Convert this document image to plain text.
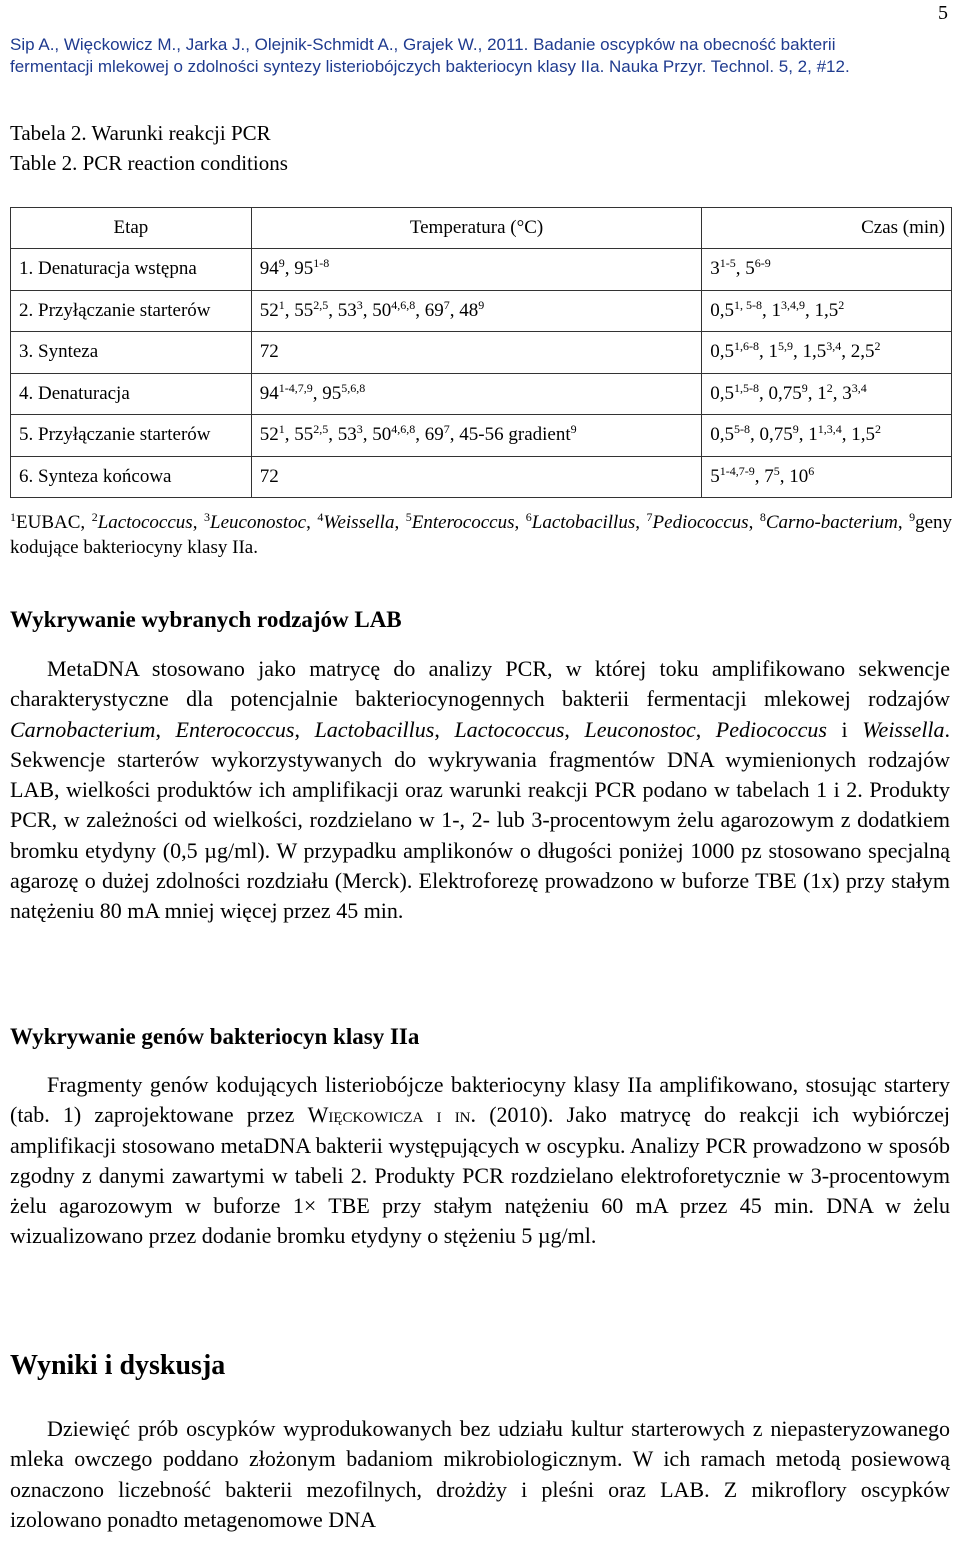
5
Sip A., Więckowicz M., Jarka J., Olejnik-Schmidt A., Grajek W., 2011. Badanie oscypków na obecność bakterii
fermentacji mlekowej o zdolności syntezy listeriobójczych bakteriocyn klasy IIa. Nauka Przyr. Technol. 5, 2, #12.
Tabela 2. Warunki reakcji PCR
Table 2. PCR reaction conditions
Etap	Temperatura (°C)	Czas (min)
1. Denaturacja wstępna	$94^9$, 95$^{1-8}$	3$^{1-5}$, 5$^{6-9}$
2. Przyłączanie starterów	$52^1$, 55$^{2,5}$, $53^3$, 50$^{4,6,8}$, $69^7$, $48^9$	0,5$^{1, 5-8}$, 1$^{3,4,9}$, $1,5^2$
3. Synteza	72	0,5$^{1,6-8}$, 1$^{5,9}$, 1,5$^{3,4}$, $2,5^2$
4. Denaturacja	94$^{1-4,7,9}$, 95$^{5,6,8}$	0,5$^{1,5-8}$, 0,75$^9$, $1^2$, 3$^{3,4}$
5. Przyłączanie starterów	$52^1$, 55$^{2,5}$, $53^3$, 50$^{4,6,8}$, $69^7$, 45-56 gradient$^9$	0,5$^{5-8}$, 0,75$^9$, 1$^{1,3,4}$, $1,5^2$
6. Synteza końcowa	72	5$^{1-4,7-9}$, $7^5$, $10^6$
$^1$EUBAC, $^2$Lactococcus, $^3$Leuconostoc, $^4$Weissella, $^5$Enterococcus, $^6$Lactobacillus, $^7$Pediococcus, $^8$Carno-bacterium, $^9$geny kodujące bakteriocyny klasy IIa.
Wykrywanie wybranych rodzajów LAB
MetaDNA stosowano jako matrycę do analizy PCR, w której toku amplifikowano sekwencje charakterystyczne dla potencjalnie bakteriocynogennych bakterii fermentacji mlekowej rodzajów Carnobacterium, Enterococcus, Lactobacillus, Lactococcus, Leuconostoc, Pediococcus i Weissella. Sekwencje starterów wykorzystywanych do wykrywania fragmentów DNA wymienionych rodzajów LAB, wielkości produktów ich amplifikacji oraz warunki reakcji PCR podano w tabelach 1 i 2. Produkty PCR, w zależności od wielkości, rozdzielano w 1-, 2- lub 3-procentowym żelu agarozowym z dodatkiem bromku etydyny (0,5 µg/ml). W przypadku amplikonów o długości poniżej 1000 pz stosowano specjalną agarozę o dużej zdolności rozdziału (Merck). Elektroforezę prowadzono w buforze TBE (1x) przy stałym natężeniu 80 mA mniej więcej przez 45 min.
Wykrywanie genów bakteriocyn klasy IIa
Fragmenty genów kodujących listeriobójcze bakteriocyny klasy IIa amplifikowano, stosując startery (tab. 1) zaprojektowane przez Więckowicza i in. (2010). Jako matrycę do reakcji ich wybiórczej amplifikacji stosowano metaDNA bakterii występujących w oscypku. Analizy PCR prowadzono w sposób zgodny z danymi zawartymi w tabeli 2. Produkty PCR rozdzielano elektroforetycznie w 3-procentowym żelu agarozowym w buforze 1× TBE przy stałym natężeniu 60 mA przez 45 min. DNA w żelu wizualizowano przez dodanie bromku etydyny o stężeniu 5 µg/ml.
Wyniki i dyskusja
Dziewięć prób oscypków wyprodukowanych bez udziału kultur starterowych z niepasteryzowanego mleka owczego poddano złożonym badaniom mikrobiologicznym. W ich ramach metodą posiewową oznaczono liczebność bakterii mezofilnych, drożdży i pleśni oraz LAB. Z mikroflory oscypków izolowano ponadto metagenomowe DNA
